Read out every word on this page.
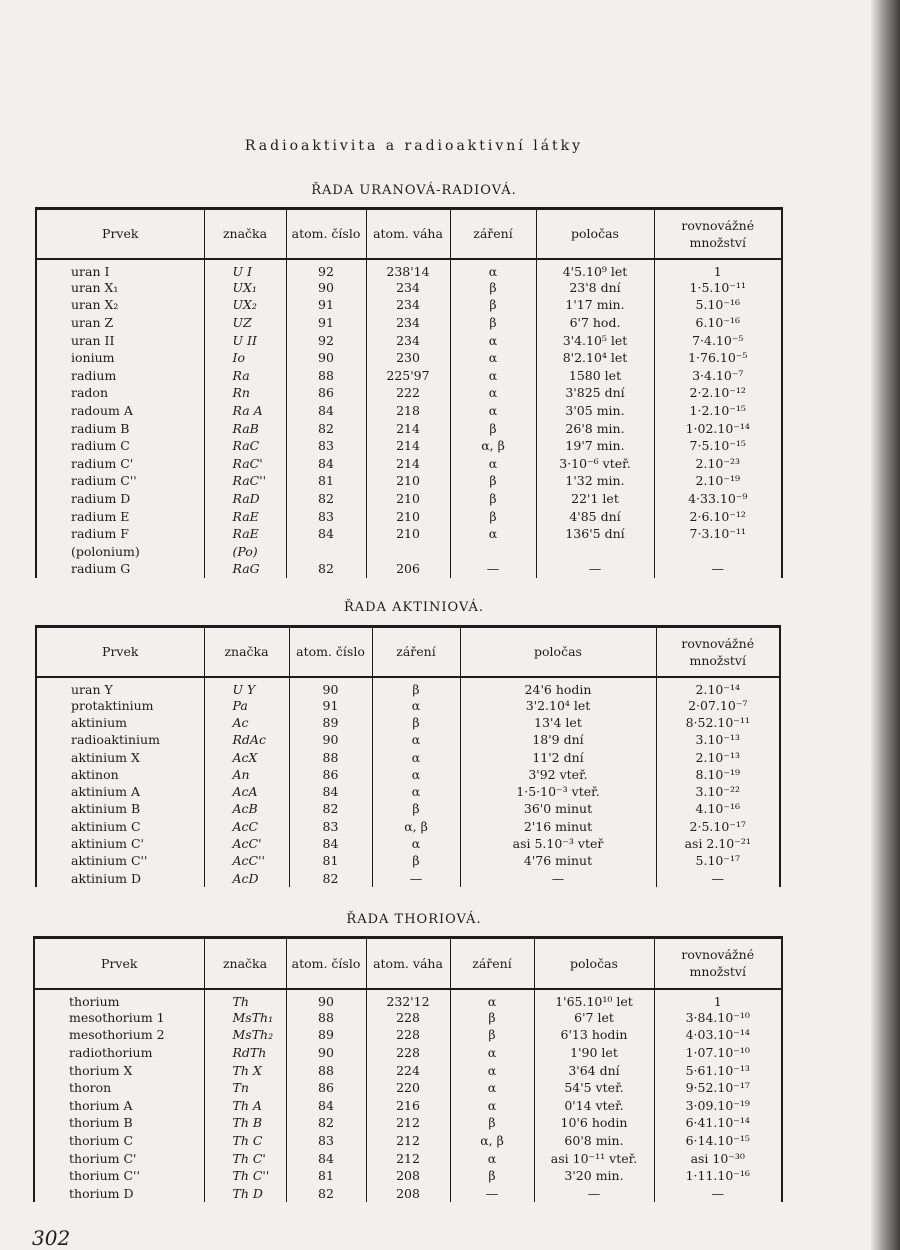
Radioaktivita a radioaktivní látky
ŘADA URANOVÁ-RADIOVÁ.
Prvek	značka	atom. číslo	atom. váha	záření	poločas	rovnovážné množství
uran I	U I	92	238'14	α	4'5.10⁹ let	1
uran X₁	UX₁	90	234	β	23'8 dní	1·5.10⁻¹¹
uran X₂	UX₂	91	234	β	1'17 min.	5.10⁻¹⁶
uran Z	UZ	91	234	β	6'7 hod.	6.10⁻¹⁶
uran II	U II	92	234	α	3'4.10⁵ let	7·4.10⁻⁵
ionium	Io	90	230	α	8'2.10⁴ let	1·76.10⁻⁵
radium	Ra	88	225'97	α	1580 let	3·4.10⁻⁷
radon	Rn	86	222	α	3'825 dní	2·2.10⁻¹²
radoum A	Ra A	84	218	α	3'05 min.	1·2.10⁻¹⁵
radium B	RaB	82	214	β	26'8 min.	1·02.10⁻¹⁴
radium C	RaC	83	214	α, β	19'7 min.	7·5.10⁻¹⁵
radium C'	RaC'	84	214	α	3·10⁻⁶ vteř.	2.10⁻²³
radium C''	RaC''	81	210	β	1'32 min.	2.10⁻¹⁹
radium D	RaD	82	210	β	22'1 let	4·33.10⁻⁹
radium E	RaE	83	210	β	4'85 dní	2·6.10⁻¹²
radium F	RaE	84	210	α	136'5 dní	7·3.10⁻¹¹
(polonium)	(Po)					
radium G	RaG	82	206	—	—	—
ŘADA AKTINIOVÁ.
Prvek	značka	atom. číslo	záření	poločas	rovnovážné množství
uran Y	U Y	90	β	24'6 hodin	2.10⁻¹⁴
protaktinium	Pa	91	α	3'2.10⁴ let	2·07.10⁻⁷
aktinium	Ac	89	β	13'4 let	8·52.10⁻¹¹
radioaktinium	RdAc	90	α	18'9 dní	3.10⁻¹³
aktinium X	AcX	88	α	11'2 dní	2.10⁻¹³
aktinon	An	86	α	3'92 vteř.	8.10⁻¹⁹
aktinium A	AcA	84	α	1·5·10⁻³ vteř.	3.10⁻²²
aktinium B	AcB	82	β	36'0 minut	4.10⁻¹⁶
aktinium C	AcC	83	α, β	2'16 minut	2·5.10⁻¹⁷
aktinium C'	AcC'	84	α	asi 5.10⁻³ vteř	asi 2.10⁻²¹
aktinium C''	AcC''	81	β	4'76 minut	5.10⁻¹⁷
aktinium D	AcD	82	—	—	—
ŘADA THORIOVÁ.
Prvek	značka	atom. číslo	atom. váha	záření	poločas	rovnovážné množství
thorium	Th	90	232'12	α	1'65.10¹⁰ let	1
mesothorium 1	MsTh₁	88	228	β	6'7 let	3·84.10⁻¹⁰
mesothorium 2	MsTh₂	89	228	β	6'13 hodin	4·03.10⁻¹⁴
radiothorium	RdTh	90	228	α	1'90 let	1·07.10⁻¹⁰
thorium X	Th X	88	224	α	3'64 dní	5·61.10⁻¹³
thoron	Tn	86	220	α	54'5 vteř.	9·52.10⁻¹⁷
thorium A	Th A	84	216	α	0'14 vteř.	3·09.10⁻¹⁹
thorium B	Th B	82	212	β	10'6 hodin	6·41.10⁻¹⁴
thorium C	Th C	83	212	α, β	60'8 min.	6·14.10⁻¹⁵
thorium C'	Th C'	84	212	α	asi 10⁻¹¹ vteř.	asi 10⁻³⁰
thorium C''	Th C''	81	208	β	3'20 min.	1·11.10⁻¹⁶
thorium D	Th D	82	208	—	—	—
302
